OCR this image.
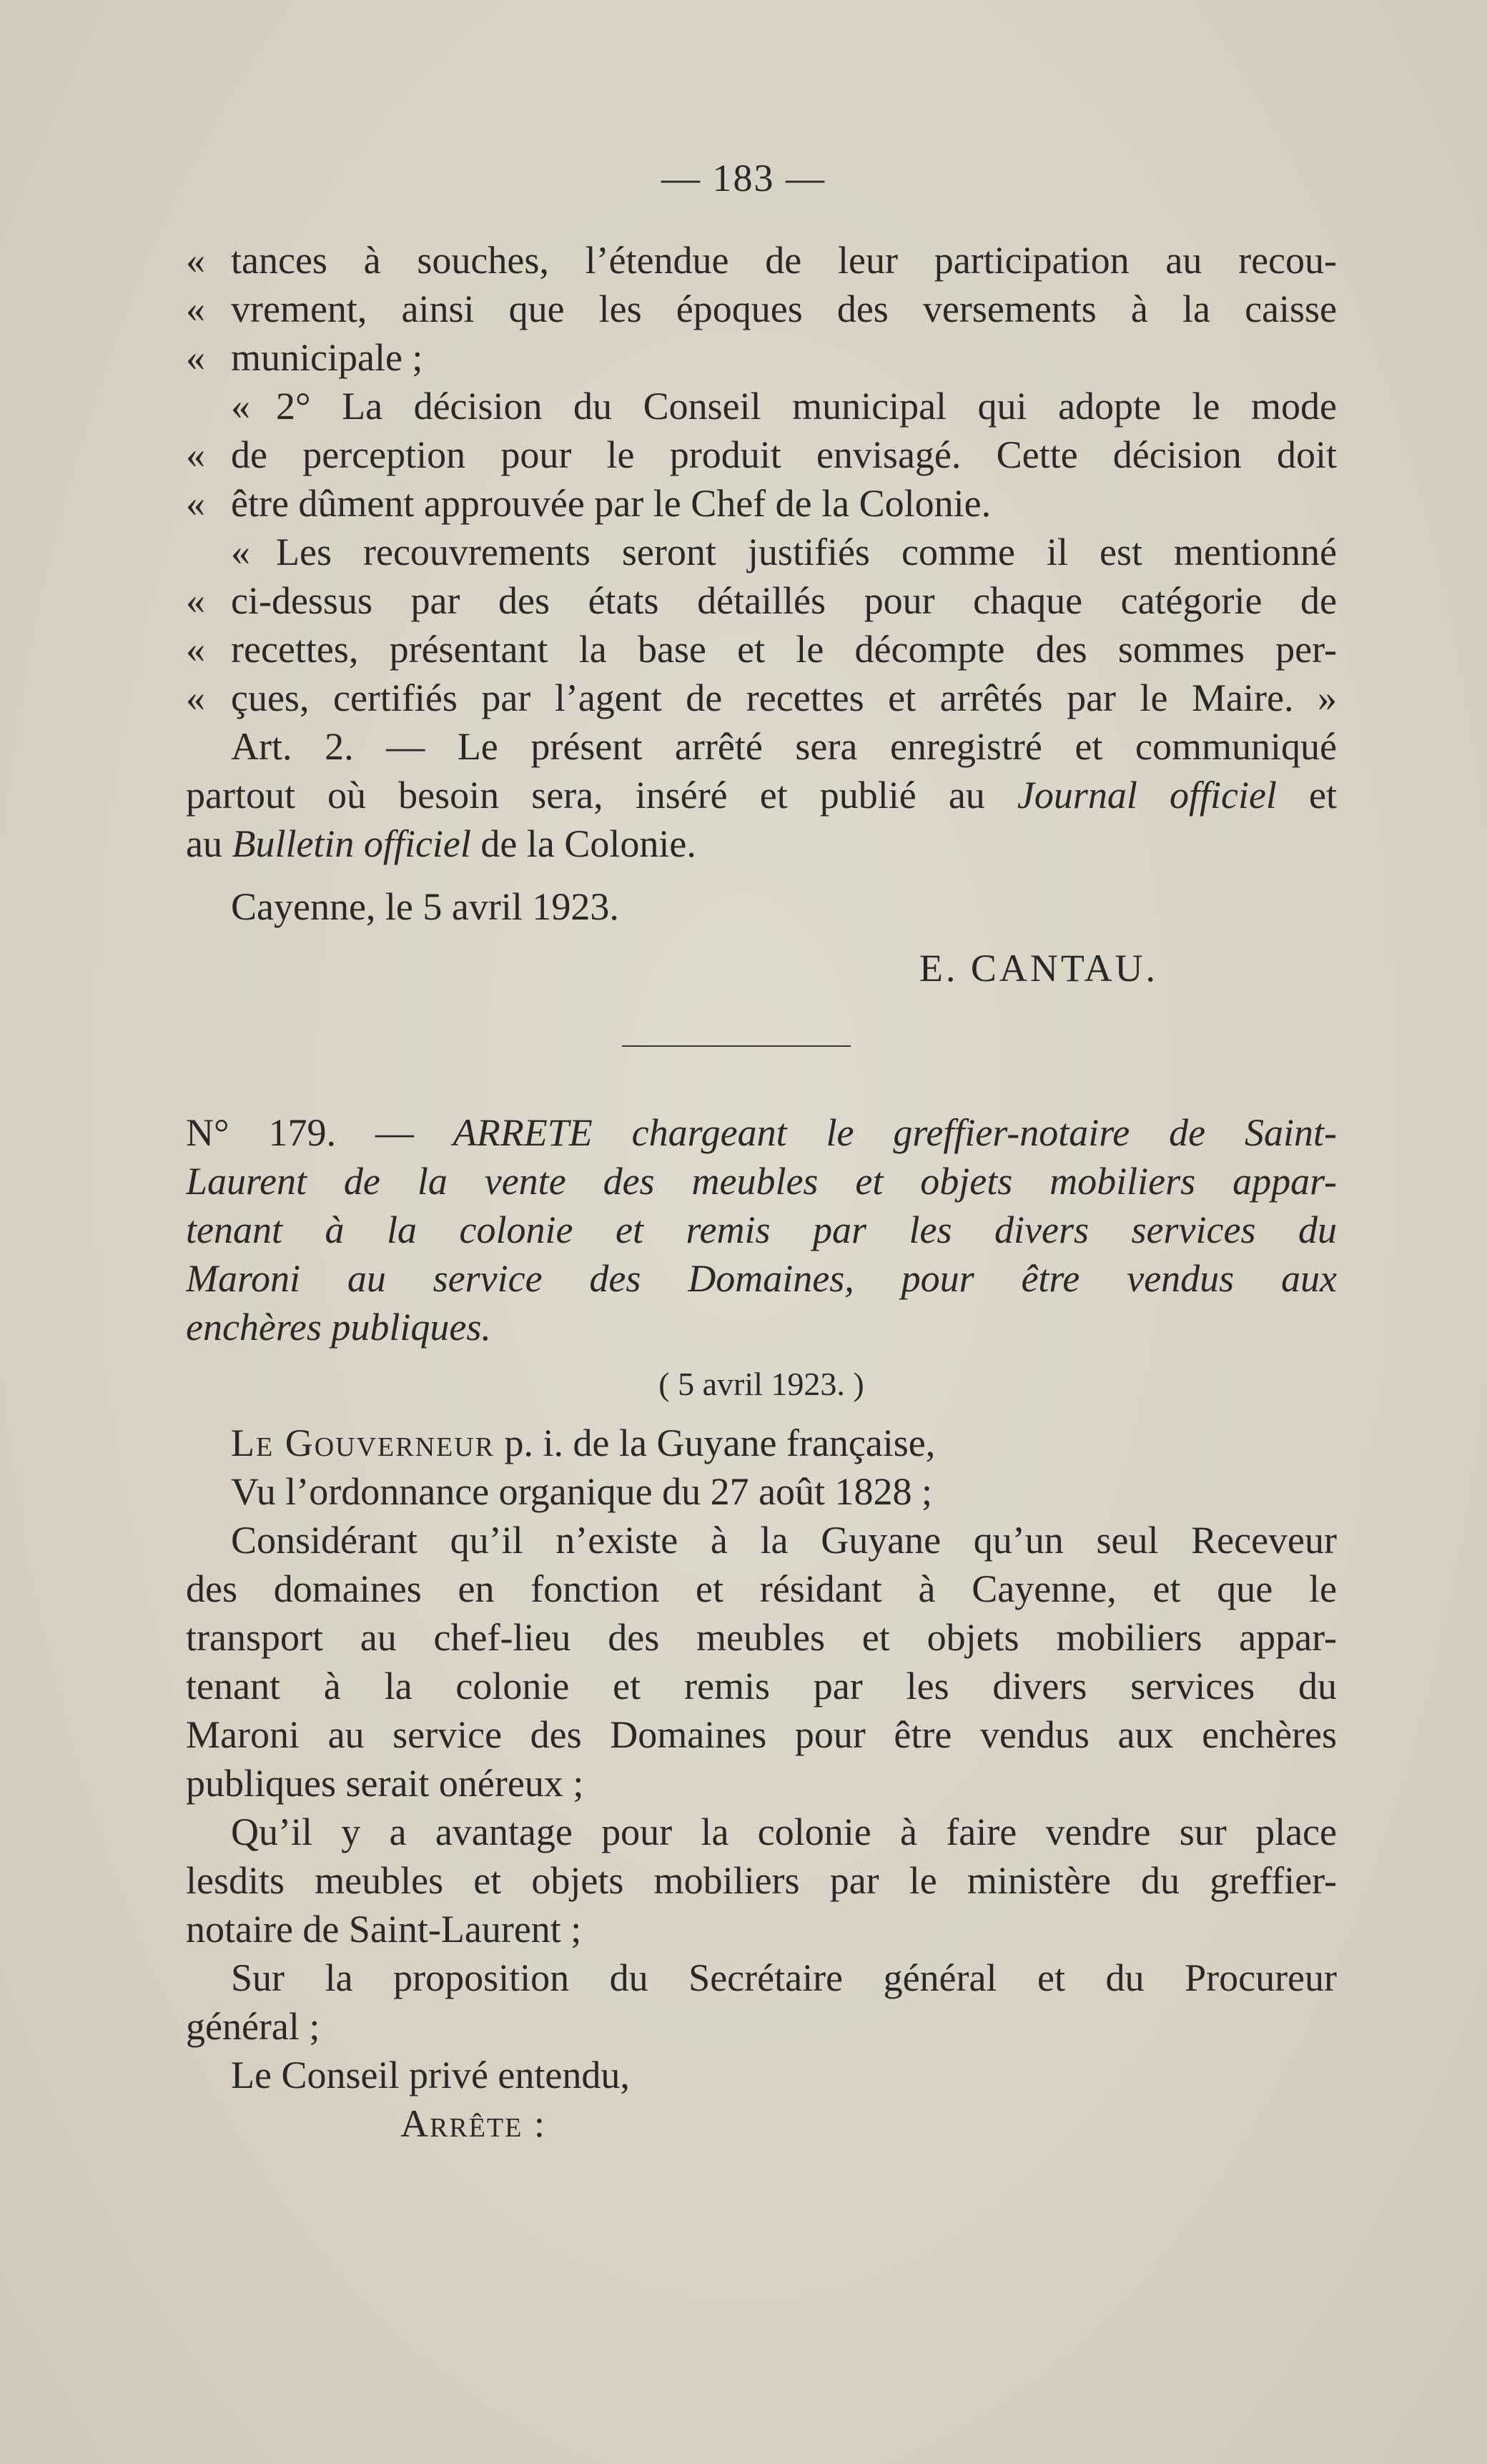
— 183 —
« tances à souches, l’étendue de leur participation au recou-
« vrement, ainsi que les époques des versements à la caisse
« municipale ;
« 2° La décision du Conseil municipal qui adopte le mode
« de perception pour le produit envisagé. Cette décision doit
« être dûment approuvée par le Chef de la Colonie.
« Les recouvrements seront justifiés comme il est mentionné
« ci-dessus par des états détaillés pour chaque catégorie de
« recettes, présentant la base et le décompte des sommes per-
« çues, certifiés par l’agent de recettes et arrêtés par le Maire. »
Art. 2. — Le présent arrêté sera enregistré et communiqué
partout où besoin sera, inséré et publié au Journal officiel et
au Bulletin officiel de la Colonie.
Cayenne, le 5 avril 1923.
E. CANTAU.
N° 179. — ARRETE chargeant le greffier-notaire de Saint-
Laurent de la vente des meubles et objets mobiliers appar-
tenant à la colonie et remis par les divers services du
Maroni au service des Domaines, pour être vendus aux
enchères publiques.
( 5 avril 1923. )
Le Gouverneur p. i. de la Guyane française,
Vu l’ordonnance organique du 27 août 1828 ;
Considérant qu’il n’existe à la Guyane qu’un seul Receveur
des domaines en fonction et résidant à Cayenne, et que le
transport au chef-lieu des meubles et objets mobiliers appar-
tenant à la colonie et remis par les divers services du
Maroni au service des Domaines pour être vendus aux enchères
publiques serait onéreux ;
Qu’il y a avantage pour la colonie à faire vendre sur place
lesdits meubles et objets mobiliers par le ministère du greffier-
notaire de Saint-Laurent ;
Sur la proposition du Secrétaire général et du Procureur
général ;
Le Conseil privé entendu,
Arrête :
